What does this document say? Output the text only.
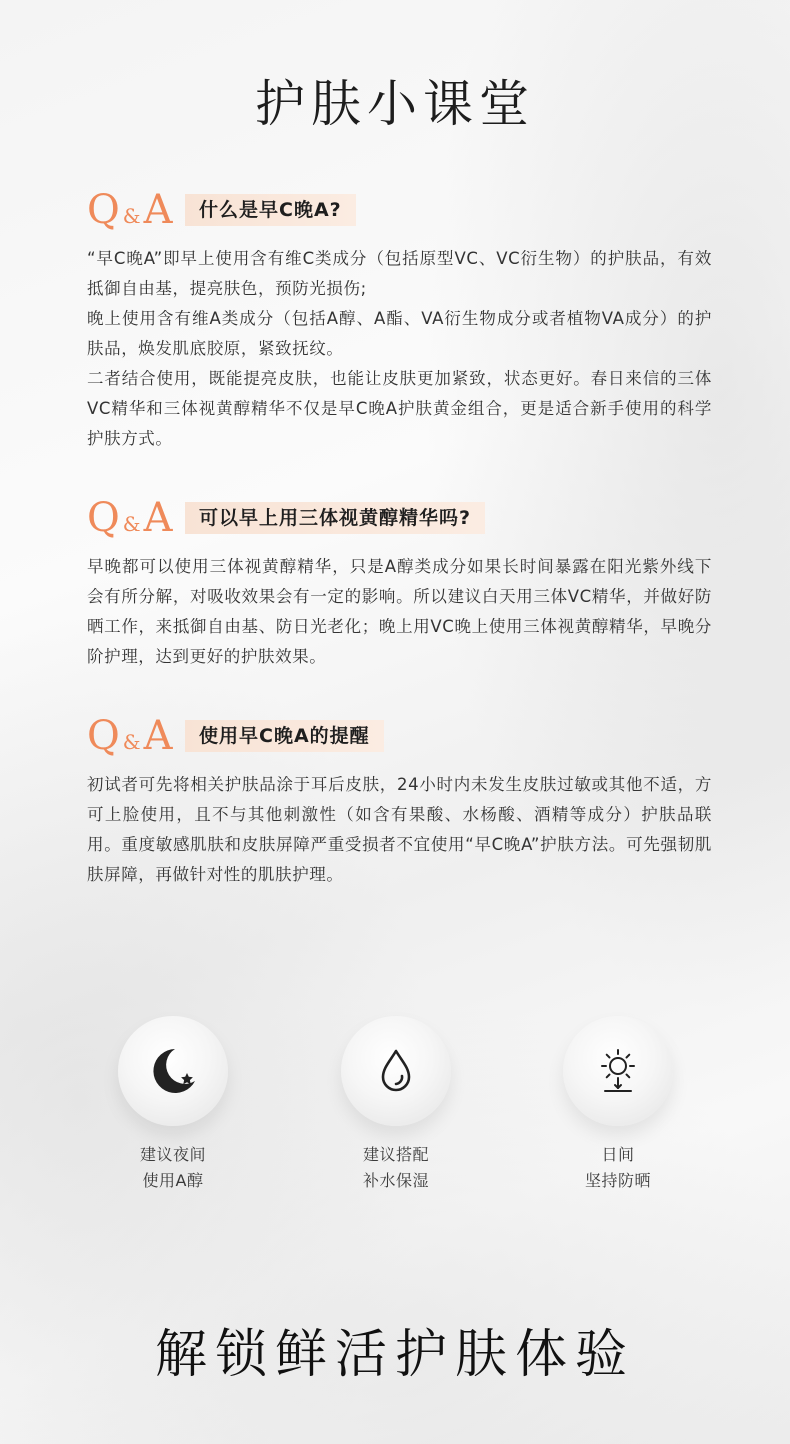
护肤小课堂
Q & A	什么是早C晚A?

“早C晚A”即早上使用含有维C类成分（包括原型VC、VC衍生物）的护肤品，有效抵御自由基，提亮肤色，预防光损伤;

晚上使用含有维A类成分（包括A醇、A酯、VA衍生物成分或者植物VA成分）的护肤品，焕发肌底胶原，紧致抚纹。

二者结合使用，既能提亮皮肤，也能让皮肤更加紧致，状态更好。春日来信的三体VC精华和三体视黄醇精华不仅是早C晚A护肤黄金组合，更是适合新手使用的科学护肤方式。

Q & A	可以早上用三体视黄醇精华吗?

早晚都可以使用三体视黄醇精华，只是A醇类成分如果长时间暴露在阳光紫外线下会有所分解，对吸收效果会有一定的影响。所以建议白天用三体VC精华，并做好防晒工作，来抵御自由基、防日光老化；晚上用VC晚上使用三体视黄醇精华，早晚分阶护理，达到更好的护肤效果。

Q & A	使用早C晚A的提醒

初试者可先将相关护肤品涂于耳后皮肤，24小时内未发生皮肤过敏或其他不适，方可上脸使用，且不与其他刺激性（如含有果酸、水杨酸、酒精等成分）护肤品联用。重度敏感肌肤和皮肤屏障严重受损者不宜使用“早C晚A”护肤方法。可先强韧肌肤屏障，再做针对性的肌肤护理。

建议夜间
使用A醇
建议搭配
补水保湿
日间
坚持防晒
解锁鲜活护肤体验
